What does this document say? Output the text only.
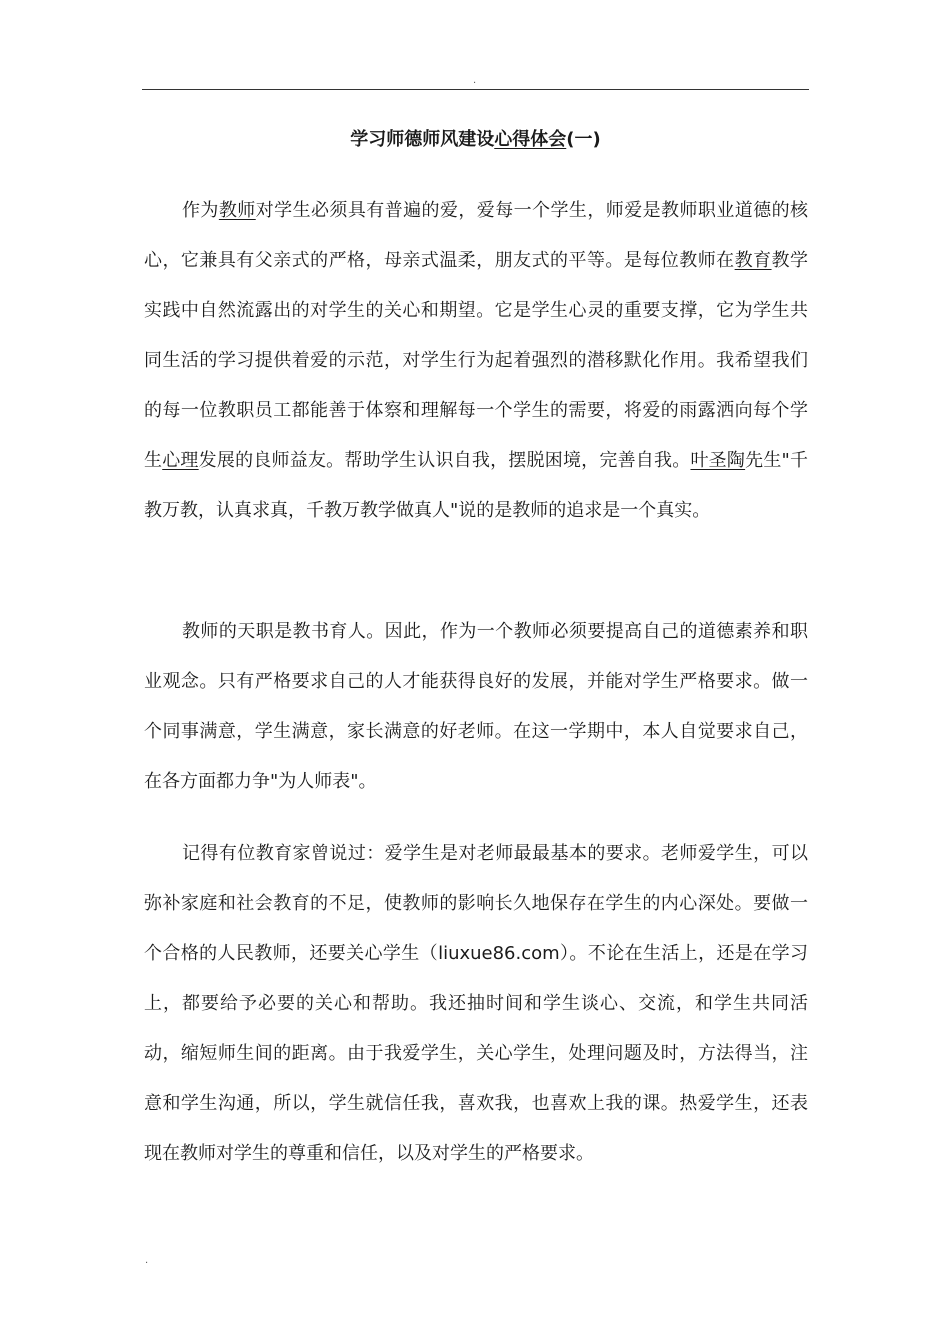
.
学习师德师风建设心得体会(一)

作为教师对学生必须具有普遍的爱，爱每一个学生，师爱是教师职业道德的核心，它兼具有父亲式的严格，母亲式温柔，朋友式的平等。是每位教师在教育教学实践中自然流露出的对学生的关心和期望。它是学生心灵的重要支撑，它为学生共同生活的学习提供着爱的示范，对学生行为起着强烈的潜移默化作用。我希望我们的每一位教职员工都能善于体察和理解每一个学生的需要，将爱的雨露洒向每个学生心理发展的良师益友。帮助学生认识自我，摆脱困境，完善自我。叶圣陶先生"千教万教，认真求真，千教万教学做真人"说的是教师的追求是一个真实。

教师的天职是教书育人。因此，作为一个教师必须要提高自己的道德素养和职业观念。只有严格要求自己的人才能获得良好的发展，并能对学生严格要求。做一个同事满意，学生满意，家长满意的好老师。在这一学期中，本人自觉要求自己，在各方面都力争"为人师表"。

记得有位教育家曾说过：爱学生是对老师最最基本的要求。老师爱学生，可以弥补家庭和社会教育的不足，使教师的影响长久地保存在学生的内心深处。要做一个合格的人民教师，还要关心学生（liuxue86.com）。不论在生活上，还是在学习上，都要给予必要的关心和帮助。我还抽时间和学生谈心、交流，和学生共同活动，缩短师生间的距离。由于我爱学生，关心学生，处理问题及时，方法得当，注意和学生沟通，所以，学生就信任我，喜欢我，也喜欢上我的课。热爱学生，还表现在教师对学生的尊重和信任，以及对学生的严格要求。

.
